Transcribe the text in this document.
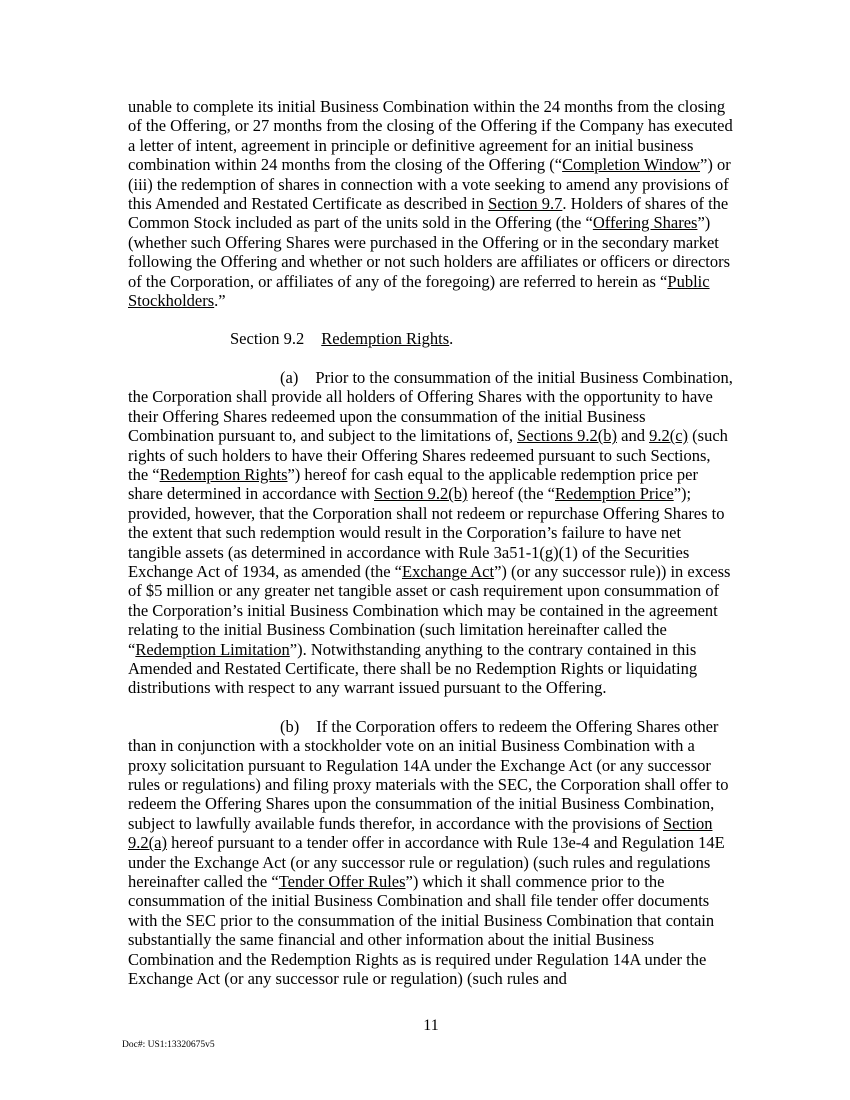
unable to complete its initial Business Combination within the 24 months from the closing of the Offering, or 27 months from the closing of the Offering if the Company has executed a letter of intent, agreement in principle or definitive agreement for an initial business combination within 24 months from the closing of the Offering (“Completion Window”) or (iii) the redemption of shares in connection with a vote seeking to amend any provisions of this Amended and Restated Certificate as described in Section 9.7. Holders of shares of the Common Stock included as part of the units sold in the Offering (the “Offering Shares”) (whether such Offering Shares were purchased in the Offering or in the secondary market following the Offering and whether or not such holders are affiliates or officers or directors of the Corporation, or affiliates of any of the foregoing) are referred to herein as “Public Stockholders.”

Section 9.2 Redemption Rights.

(a) Prior to the consummation of the initial Business Combination, the Corporation shall provide all holders of Offering Shares with the opportunity to have their Offering Shares redeemed upon the consummation of the initial Business Combination pursuant to, and subject to the limitations of, Sections 9.2(b) and 9.2(c) (such rights of such holders to have their Offering Shares redeemed pursuant to such Sections, the “Redemption Rights”) hereof for cash equal to the applicable redemption price per share determined in accordance with Section 9.2(b) hereof (the “Redemption Price”); provided, however, that the Corporation shall not redeem or repurchase Offering Shares to the extent that such redemption would result in the Corporation’s failure to have net tangible assets (as determined in accordance with Rule 3a51-1(g)(1) of the Securities Exchange Act of 1934, as amended (the “Exchange Act”) (or any successor rule)) in excess of $5 million or any greater net tangible asset or cash requirement upon consummation of the Corporation’s initial Business Combination which may be contained in the agreement relating to the initial Business Combination (such limitation hereinafter called the “Redemption Limitation”). Notwithstanding anything to the contrary contained in this Amended and Restated Certificate, there shall be no Redemption Rights or liquidating distributions with respect to any warrant issued pursuant to the Offering.

(b) If the Corporation offers to redeem the Offering Shares other than in conjunction with a stockholder vote on an initial Business Combination with a proxy solicitation pursuant to Regulation 14A under the Exchange Act (or any successor rules or regulations) and filing proxy materials with the SEC, the Corporation shall offer to redeem the Offering Shares upon the consummation of the initial Business Combination, subject to lawfully available funds therefor, in accordance with the provisions of Section 9.2(a) hereof pursuant to a tender offer in accordance with Rule 13e-4 and Regulation 14E under the Exchange Act (or any successor rule or regulation) (such rules and regulations hereinafter called the “Tender Offer Rules”) which it shall commence prior to the consummation of the initial Business Combination and shall file tender offer documents with the SEC prior to the consummation of the initial Business Combination that contain substantially the same financial and other information about the initial Business Combination and the Redemption Rights as is required under Regulation 14A under the Exchange Act (or any successor rule or regulation) (such rules and

11
Doc#: US1:13320675v5
